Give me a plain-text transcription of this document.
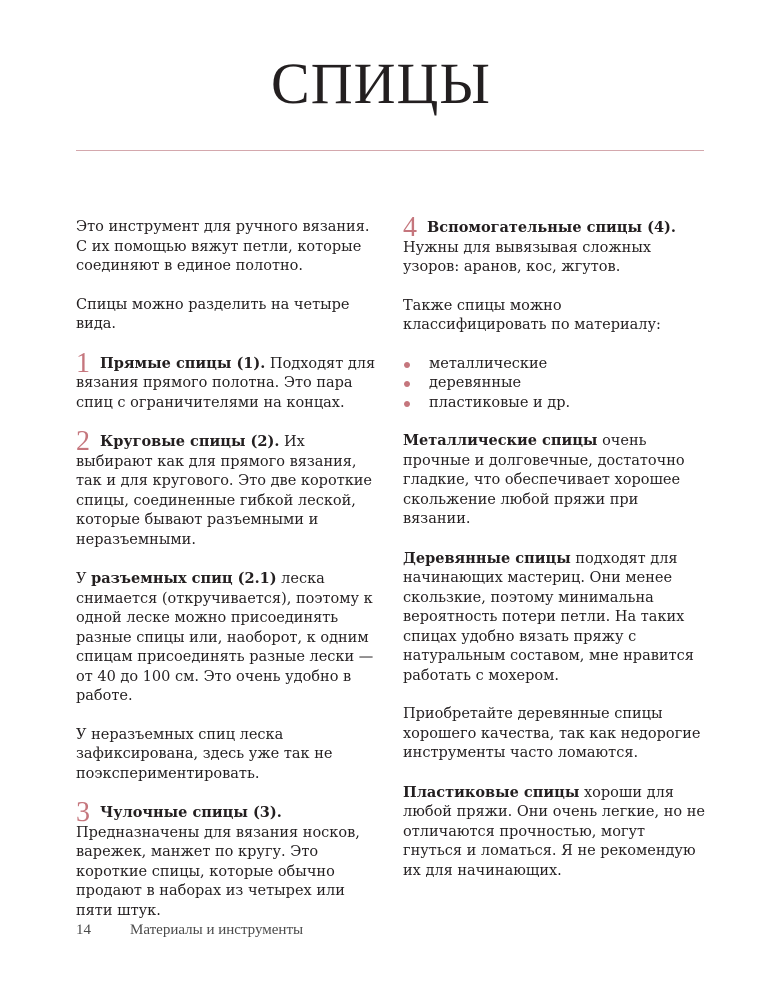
СПИЦЫ

Это инструмент для ручного вязания. С их помощью вяжут петли, которые соединяют в единое полотно.

Спицы можно разделить на четыре вида.

1 Прямые спицы (1). Подходят для вязания прямого полотна. Это пара спиц с ограничителями на концах.

2 Круговые спицы (2). Их выбирают как для прямого вязания, так и для кругового. Это две короткие спицы, соединенные гибкой леской, которые бывают разъемными и неразъемными.

У разъемных спиц (2.1) леска снимается (откручивается), поэтому к одной леске можно присоединять разные спицы или, наоборот, к одним спицам присоединять разные лески — от 40 до 100 см. Это очень удобно в работе.

У неразъемных спиц леска зафиксирована, здесь уже так не поэкспериментировать.

3 Чулочные спицы (3). Предназначены для вязания носков, варежек, манжет по кругу. Это короткие спицы, которые обычно продают в наборах из четырех или пяти штук.

4 Вспомогательные спицы (4). Нужны для вывязывая сложных узоров: аранов, кос, жгутов.

Также спицы можно классифицировать по материалу:

металлические
деревянные
пластиковые и др.

Металлические спицы очень прочные и долговечные, достаточно гладкие, что обеспечивает хорошее скольжение любой пряжи при вязании.

Деревянные спицы подходят для начинающих мастериц. Они менее скользкие, поэтому минимальна вероятность потери петли. На таких спицах удобно вязать пряжу с натуральным составом, мне нравится работать с мохером.

Приобретайте деревянные спицы хорошего качества, так как недорогие инструменты часто ломаются.

Пластиковые спицы хороши для любой пряжи. Они очень легкие, но не отличаются прочностью, могут гнуться и ломаться. Я не рекомендую их для начинающих.

14	Материалы и инструменты
